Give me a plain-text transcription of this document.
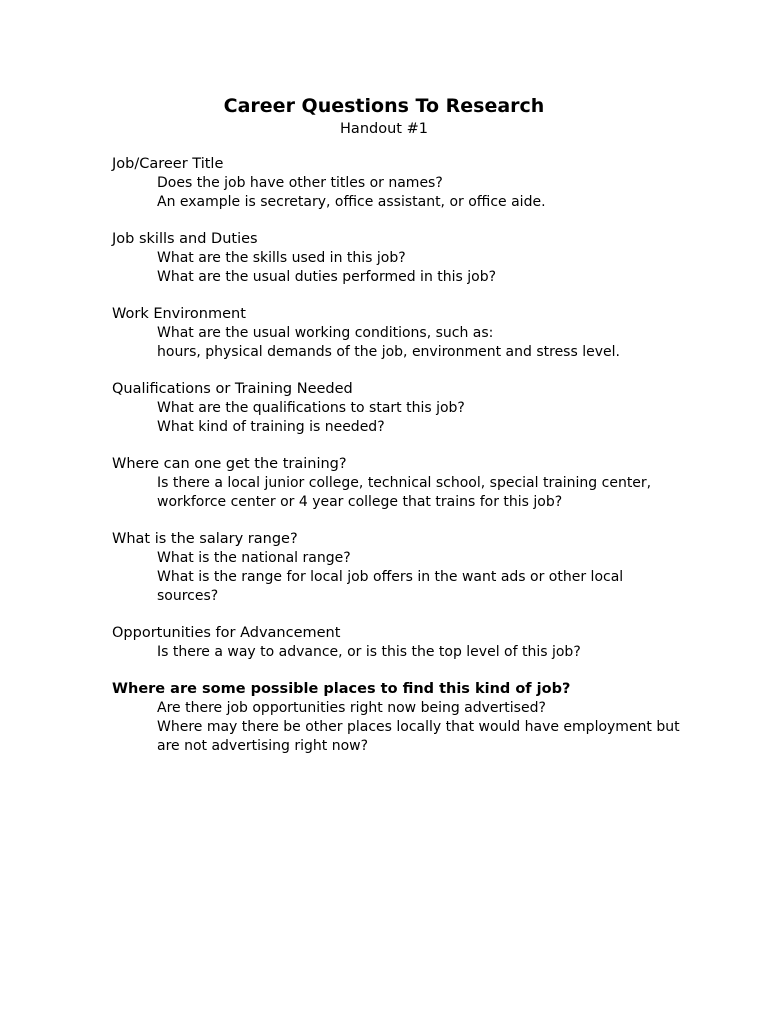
Career Questions To Research
Handout #1
Job/Career Title
Does the job have other titles or names?
An example is secretary, office assistant, or office aide.
Job skills and Duties
What are the skills used in this job?
What are the usual duties performed in this job?
Work Environment
What are the usual working conditions, such as:
hours, physical demands of the job, environment and stress level.
Qualifications or Training Needed
What are the qualifications to start this job?
What kind of training is needed?
Where can one get the training?
Is there a local junior college, technical school, special training center,
workforce center or 4 year college that trains for this job?
What is the salary range?
What is the national range?
What is the range for local job offers in the want ads or other local
sources?
Opportunities for Advancement
Is there a way to advance, or is this the top level of this job?
Where are some possible places to find this kind of job?
Are there job opportunities right now being advertised?
Where may there be other places locally that would have employment but
are not advertising right now?
